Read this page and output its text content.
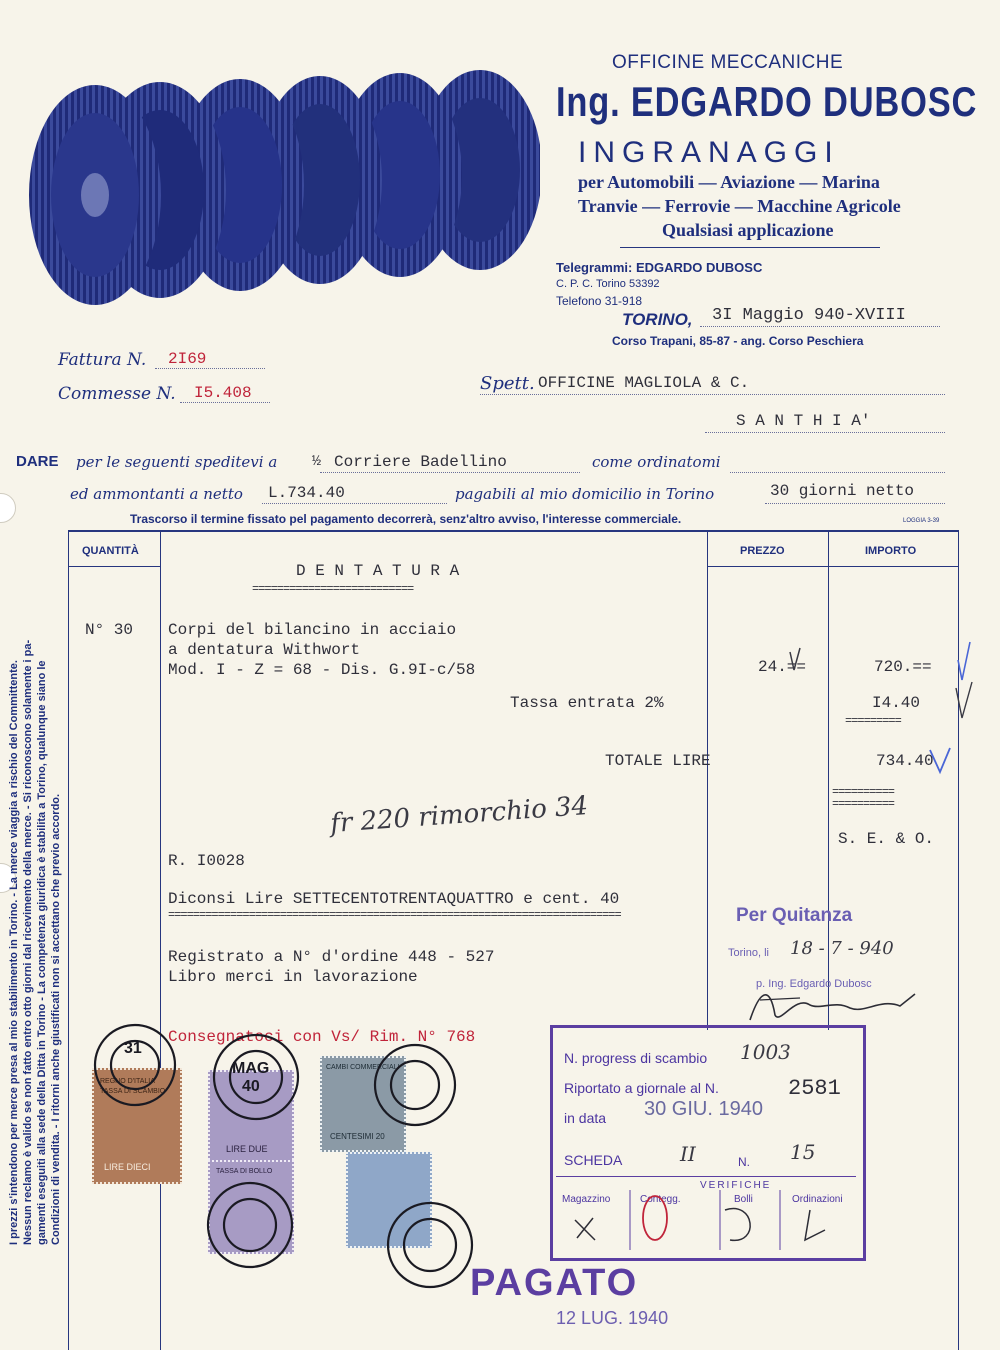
OFFICINE MECCANICHE
Ing. EDGARDO DUBOSC
INGRANAGGI
per Automobili — Aviazione — Marina
Tranvie — Ferrovie — Macchine Agricole
Qualsiasi applicazione
Telegrammi: EDGARDO DUBOSC
C. P. C. Torino 53392
Telefono 31-918
TORINO, 3I Maggio 940-XVIII
Corso Trapani, 85-87 - ang. Corso Peschiera
Fattura N. 2I69
Commesse N. I5.408	Spett. OFFICINE MAGLIOLA & C.
S A N T H I A'
DARE per le seguenti speditevi a ½ Corriere Badellino	come ordinatomi
ed ammontanti a netto L.734.40	pagabili al mio domicilio in Torino	30 giorni netto
Trascorso il termine fissato pel pagamento decorrerà, senz'altro avviso, l'interesse commerciale.	LOGGIA 3-39
QUANTITÀ	PREZZO	IMPORTO
D E N T A T U R A
==========================
N° 30 Corpi del bilancino in acciaio
a dentatura Withwort
Mod. I - Z = 68 - Dis. G.9I-c/58	24.==	720.==
Tassa entrata 2%	I4.40
=========
TOTALE LIRE	734.40
==========
==========
fr 220 rimorchio 34
S. E. & O.
R. I0028
Diconsi Lire SETTECENTOTRENTAQUATTRO e cent. 40
=========================================================================
Registrato a N° d'ordine 448 - 527
Libro merci in lavorazione
Consegnatoci con Vs/ Rim. N° 768
Per Quitanza
Torino, li 18 - 7 - 940
p. Ing. Edgardo Dubosc
N. progress di scambio 1003
Riportato a giornale al N.	2581
in data 30 GIU. 1940
SCHEDA	II	N. 15
VERIFICHE
Magazzino	Contegg.	Bolli	Ordinazioni
PAGATO
12 LUG. 1940
REGNO D'ITALIA
TASSA DI SCAMBIO
LIRE DIECI
LIRE DUE
TASSA DI BOLLO
CAMBI COMMERCIALI
CENTESIMI 20
31
MAG
40
I prezzi s'intendono per merce presa al mio stabilimento in Torino. - La merce viaggia a rischio del Committente. Nessun reclamo è valido se non fatto entro otto giorni dal ricevimento della merce. - Si riconoscono solamente i pa- gamenti eseguiti alla sede della Ditta in Torino - La competenza giuridica è stabilita a Torino, qualunque siano le Condizioni di vendita. - I ritorni anche giustificati non si accettano che previo accordo.
